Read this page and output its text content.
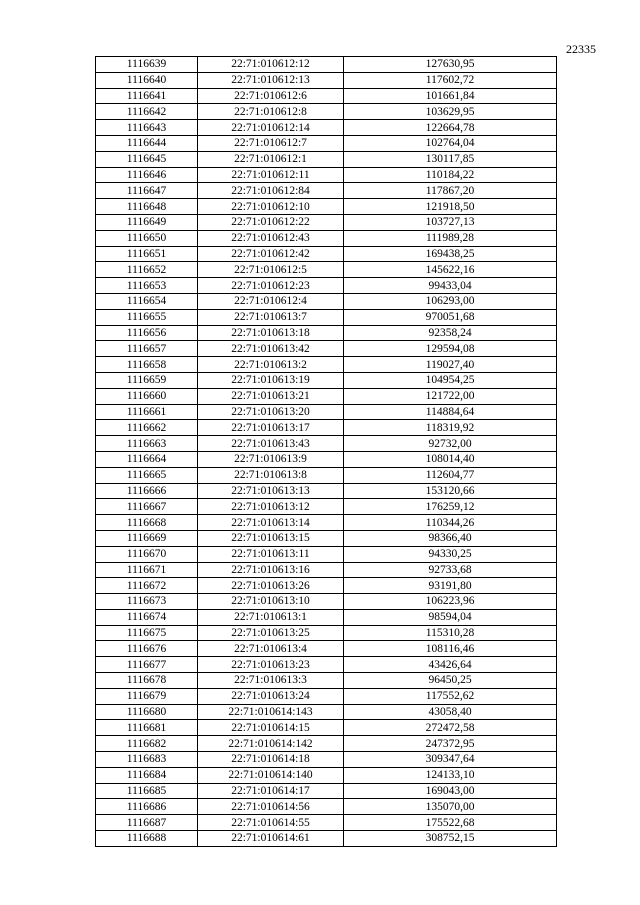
22335
1116639	22:71:010612:12	127630,95
1116640	22:71:010612:13	117602,72
1116641	22:71:010612:6	101661,84
1116642	22:71:010612:8	103629,95
1116643	22:71:010612:14	122664,78
1116644	22:71:010612:7	102764,04
1116645	22:71:010612:1	130117,85
1116646	22:71:010612:11	110184,22
1116647	22:71:010612:84	117867,20
1116648	22:71:010612:10	121918,50
1116649	22:71:010612:22	103727,13
1116650	22:71:010612:43	111989,28
1116651	22:71:010612:42	169438,25
1116652	22:71:010612:5	145622,16
1116653	22:71:010612:23	99433,04
1116654	22:71:010612:4	106293,00
1116655	22:71:010613:7	970051,68
1116656	22:71:010613:18	92358,24
1116657	22:71:010613:42	129594,08
1116658	22:71:010613:2	119027,40
1116659	22:71:010613:19	104954,25
1116660	22:71:010613:21	121722,00
1116661	22:71:010613:20	114884,64
1116662	22:71:010613:17	118319,92
1116663	22:71:010613:43	92732,00
1116664	22:71:010613:9	108014,40
1116665	22:71:010613:8	112604,77
1116666	22:71:010613:13	153120,66
1116667	22:71:010613:12	176259,12
1116668	22:71:010613:14	110344,26
1116669	22:71:010613:15	98366,40
1116670	22:71:010613:11	94330,25
1116671	22:71:010613:16	92733,68
1116672	22:71:010613:26	93191,80
1116673	22:71:010613:10	106223,96
1116674	22:71:010613:1	98594,04
1116675	22:71:010613:25	115310,28
1116676	22:71:010613:4	108116,46
1116677	22:71:010613:23	43426,64
1116678	22:71:010613:3	96450,25
1116679	22:71:010613:24	117552,62
1116680	22:71:010614:143	43058,40
1116681	22:71:010614:15	272472,58
1116682	22:71:010614:142	247372,95
1116683	22:71:010614:18	309347,64
1116684	22:71:010614:140	124133,10
1116685	22:71:010614:17	169043,00
1116686	22:71:010614:56	135070,00
1116687	22:71:010614:55	175522,68
1116688	22:71:010614:61	308752,15
